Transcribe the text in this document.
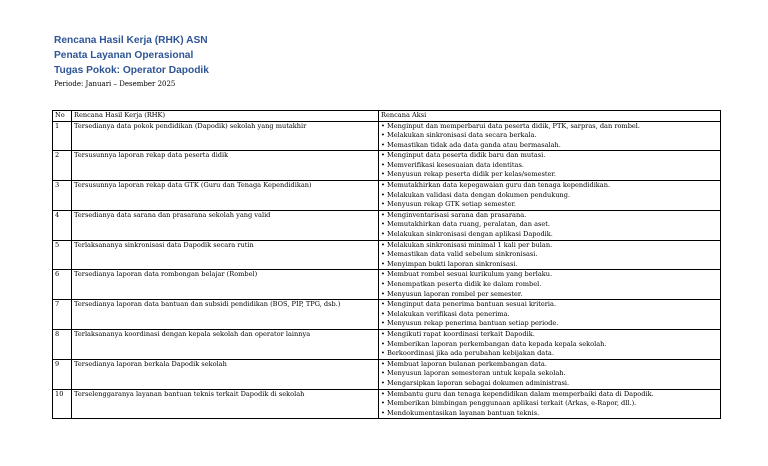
Rencana Hasil Kerja (RHK) ASN
Penata Layanan Operasional
Tugas Pokok: Operator Dapodik
Periode: Januari – Desember 2025
No	Rencana Hasil Kerja (RHK)	Rencana Aksi
1	Tersedianya data pokok pendidikan (Dapodik) sekolah yang mutakhir	• Menginput dan memperbarui data peserta didik, PTK, sarpras, dan rombel.
• Melakukan sinkronisasi data secara berkala.
• Memastikan tidak ada data ganda atau bermasalah.

2	Tersusunnya laporan rekap data peserta didik	• Menginput data peserta didik baru dan mutasi.
• Memverifikasi kesesuaian data identitas.
• Menyusun rekap peserta didik per kelas/semester.

3	Tersusunnya laporan rekap data GTK (Guru dan Tenaga Kependidikan)	• Memutakhirkan data kepegawaian guru dan tenaga kependidikan.
• Melakukan validasi data dengan dokumen pendukung.
• Menyusun rekap GTK setiap semester.

4	Tersedianya data sarana dan prasarana sekolah yang valid	• Menginventarisasi sarana dan prasarana.
• Memutakhirkan data ruang, peralatan, dan aset.
• Melakukan sinkronisasi dengan aplikasi Dapodik.

5	Terlaksananya sinkronisasi data Dapodik secara rutin	• Melakukan sinkronisasi minimal 1 kali per bulan.
• Memastikan data valid sebelum sinkronisasi.
• Menyimpan bukti laporan sinkronisasi.

6	Tersedianya laporan data rombongan belajar (Rombel)	• Membuat rombel sesuai kurikulum yang berlaku.
• Menempatkan peserta didik ke dalam rombel.
• Menyusun laporan rombel per semester.

7	Tersedianya laporan data bantuan dan subsidi pendidikan (BOS, PIP, TPG, dsb.)	• Menginput data penerima bantuan sesuai kriteria.
• Melakukan verifikasi data penerima.
• Menyusun rekap penerima bantuan setiap periode.

8	Terlaksananya koordinasi dengan kepala sekolah dan operator lainnya	• Mengikuti rapat koordinasi terkait Dapodik.
• Memberikan laporan perkembangan data kepada kepala sekolah.
• Berkoordinasi jika ada perubahan kebijakan data.

9	Tersedianya laporan berkala Dapodik sekolah	• Membuat laporan bulanan perkembangan data.
• Menyusun laporan semesteran untuk kepala sekolah.
• Mengarsipkan laporan sebagai dokumen administrasi.

10	Terselenggaranya layanan bantuan teknis terkait Dapodik di sekolah	• Membantu guru dan tenaga kependidikan dalam memperbaiki data di Dapodik.
• Memberikan bimbingan penggunaan aplikasi terkait (Arkas, e-Rapor, dll.).
• Mendokumentasikan layanan bantuan teknis.
